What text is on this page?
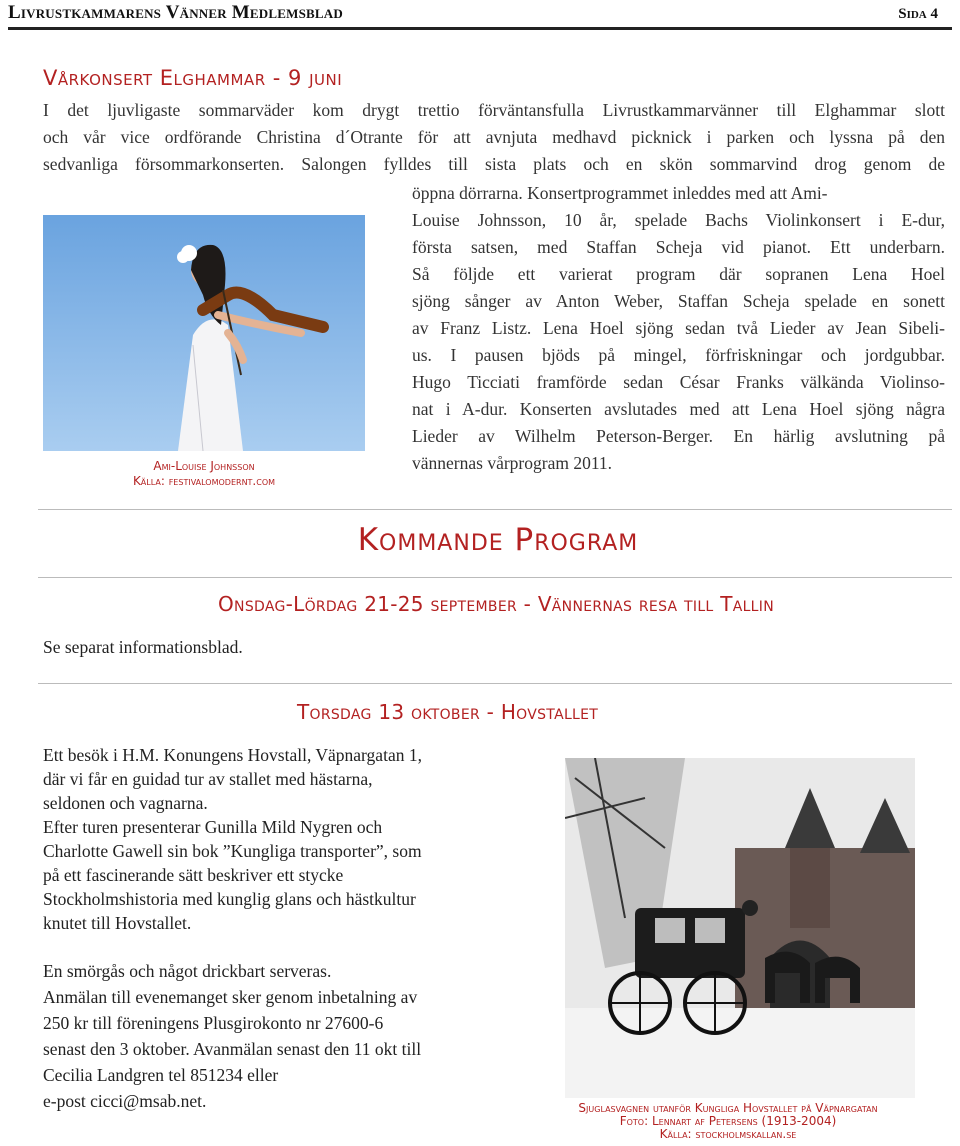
Livrustkammarens Vänner Medlemsblad	Sida 4
Vårkonsert Elghammar - 9 juni
I det ljuvligaste sommarväder kom drygt trettio förväntansfulla Livrustkammarvänner till Elghammar slott
och vår vice ordförande Christina d´Otrante för att avnjuta medhavd picknick i parken och lyssna på den
sedvanliga försommarkonserten. Salongen fylldes till sista plats och en skön sommarvind drog genom de
öppna dörrarna. Konsertprogrammet inleddes med att Ami-
Louise Johnsson, 10 år, spelade Bachs Violinkonsert i E-dur,
första satsen, med Staffan Scheja vid pianot. Ett underbarn.
Så följde ett varierat program där sopranen Lena Hoel
sjöng sånger av Anton Weber, Staffan Scheja spelade en sonett
av Franz Listz. Lena Hoel sjöng sedan två Lieder av Jean Sibeli-
us. I pausen bjöds på mingel, förfriskningar och jordgubbar.
Hugo Ticciati framförde sedan César Franks välkända Violinso-
nat i A-dur. Konserten avslutades med att Lena Hoel sjöng några
Lieder av Wilhelm Peterson-Berger. En härlig avslutning på
vännernas vårprogram 2011.
Ami-Louise Johnsson
Källa: festivalomodernt.com
Kommande Program
Onsdag-Lördag 21-25 september - Vännernas resa till Tallin
Se separat informationsblad.
Torsdag 13 oktober - Hovstallet
Ett besök i H.M. Konungens Hovstall, Väpnargatan 1,
där vi får en guidad tur av stallet med hästarna,
seldonen och vagnarna.
Efter turen presenterar Gunilla Mild Nygren och
Charlotte Gawell sin bok ”Kungliga transporter”, som
på ett fascinerande sätt beskriver ett stycke
Stockholmshistoria med kunglig glans och hästkultur
knutet till Hovstallet.
En smörgås och något drickbart serveras.
Anmälan till evenemanget sker genom inbetalning av
250 kr till föreningens Plusgirokonto nr 27600-6
senast den 3 oktober. Avanmälan senast den 11 okt till
Cecilia Landgren tel 851234 eller
e-post cicci@msab.net.	Sjuglasvagnen utanför Kungliga Hovstallet på Väpnargatan
Foto: Lennart af Petersens (1913-2004)
Källa: stockholmskallan.se
